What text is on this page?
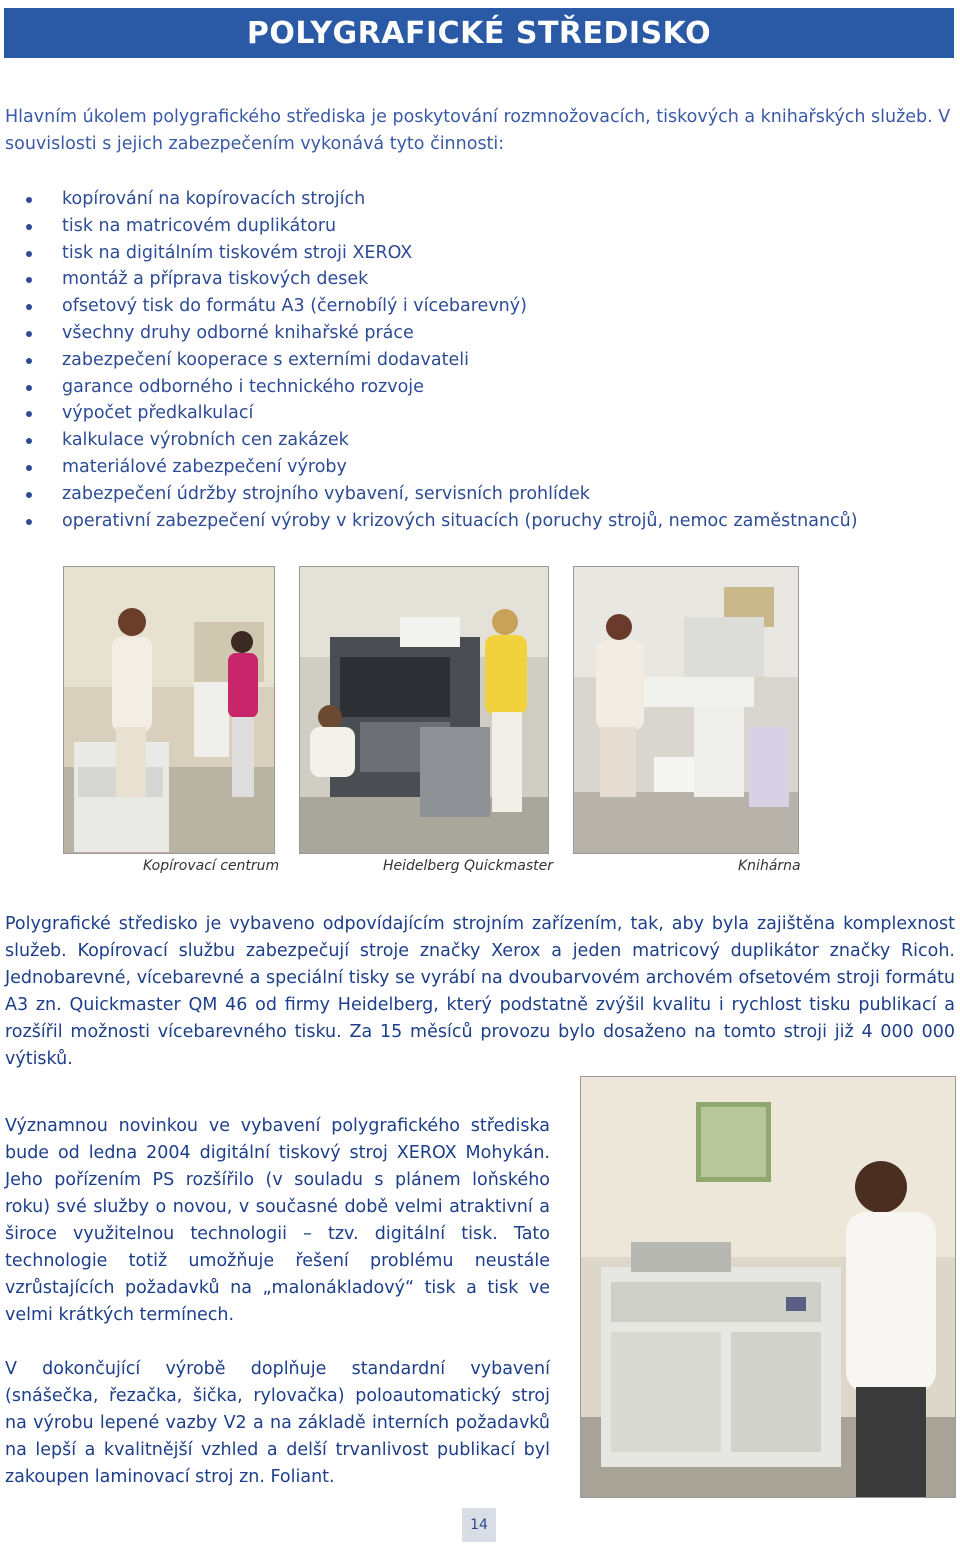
POLYGRAFICKÉ STŘEDISKO

Hlavním úkolem polygrafického střediska je poskytování rozmnožovacích, tiskových a knihařských služeb. V souvislosti s jejich zabezpečením vykonává tyto činnosti:

kopírování na kopírovacích strojích
tisk na matricovém duplikátoru
tisk na digitálním tiskovém stroji XEROX
montáž a příprava tiskových desek
ofsetový tisk do formátu A3 (černobílý i vícebarevný)
všechny druhy odborné knihařské práce
zabezpečení kooperace s externími dodavateli
garance odborného i technického rozvoje
výpočet předkalkulací
kalkulace výrobních cen zakázek
materiálové zabezpečení výroby
zabezpečení údržby strojního vybavení, servisních prohlídek
operativní zabezpečení výroby v krizových situacích (poruchy strojů, nemoc zaměstnanců)
Kopírovací centrum	Heidelberg Quickmaster	Knihárna

Polygrafické středisko je vybaveno odpovídajícím strojním zařízením, tak, aby byla zajištěna komplexnost služeb. Kopírovací službu zabezpečují stroje značky Xerox a jeden matricový duplikátor značky Ricoh. Jednobarevné, vícebarevné a speciální tisky se vyrábí na dvoubarvovém archovém ofsetovém stroji formátu A3 zn. Quickmaster QM 46 od firmy Heidelberg, který podstatně zvýšil kvalitu i rychlost tisku publikací a rozšířil možnosti vícebarevného tisku. Za 15 měsíců provozu bylo dosaženo na tomto stroji již 4 000 000 výtisků.

Významnou novinkou ve vybavení polygrafického střediska bude od ledna 2004 digitální tiskový stroj XEROX Mohykán. Jeho pořízením PS rozšířilo (v souladu s plánem loňského roku) své služby o novou, v současné době velmi atraktivní a široce využitelnou technologii – tzv. digitální tisk. Tato technologie totiž umožňuje řešení problému neustále vzrůstajících požadavků na „malonákladový“ tisk a tisk ve velmi krátkých termínech.

V dokončující výrobě doplňuje standardní vybavení (snášečka, řezačka, šička, rylovačka) poloautomatický stroj na výrobu lepené vazby V2 a na základě interních požadavků na lepší a kvalitnější vzhled a delší trvanlivost publikací byl zakoupen laminovací stroj zn. Foliant.

14
